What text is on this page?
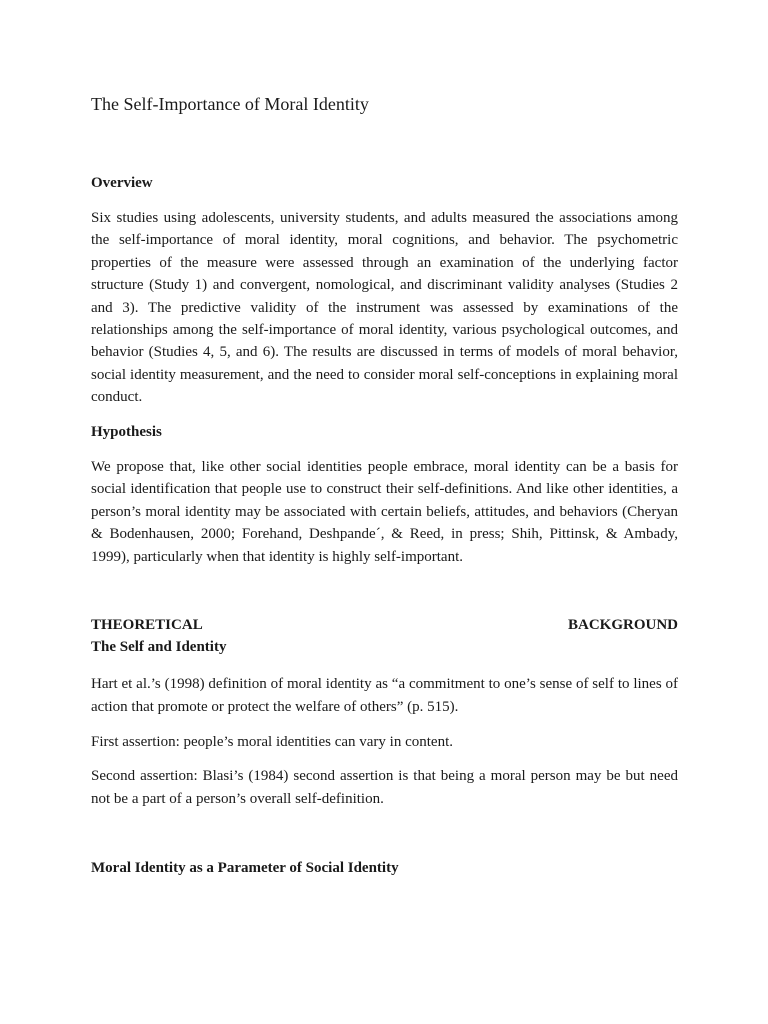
The Self-Importance of Moral Identity
Overview

Six studies using adolescents, university students, and adults measured the associations among the self-importance of moral identity, moral cognitions, and behavior. The psychometric properties of the measure were assessed through an examination of the underlying factor structure (Study 1) and convergent, nomological, and discriminant validity analyses (Studies 2 and 3). The predictive validity of the instrument was assessed by examinations of the relationships among the self-importance of moral identity, various psychological outcomes, and behavior (Studies 4, 5, and 6). The results are discussed in terms of models of moral behavior, social identity measurement, and the need to consider moral self-conceptions in explaining moral conduct.

Hypothesis

We propose that, like other social identities people embrace, moral identity can be a basis for social identification that people use to construct their self-definitions. And like other identities, a person’s moral identity may be associated with certain beliefs, attitudes, and behaviors (Cheryan & Bodenhausen, 2000; Forehand, Deshpande´, & Reed, in press; Shih, Pittinsk, & Ambady, 1999), particularly when that identity is highly self-important.

THEORETICAL	BACKGROUND
The Self and Identity

Hart et al.’s (1998) definition of moral identity as “a commitment to one’s sense of self to lines of action that promote or protect the welfare of others” (p. 515).

First assertion: people’s moral identities can vary in content.

Second assertion: Blasi’s (1984) second assertion is that being a moral person may be but need not be a part of a person’s overall self-definition.

Moral Identity as a Parameter of Social Identity
